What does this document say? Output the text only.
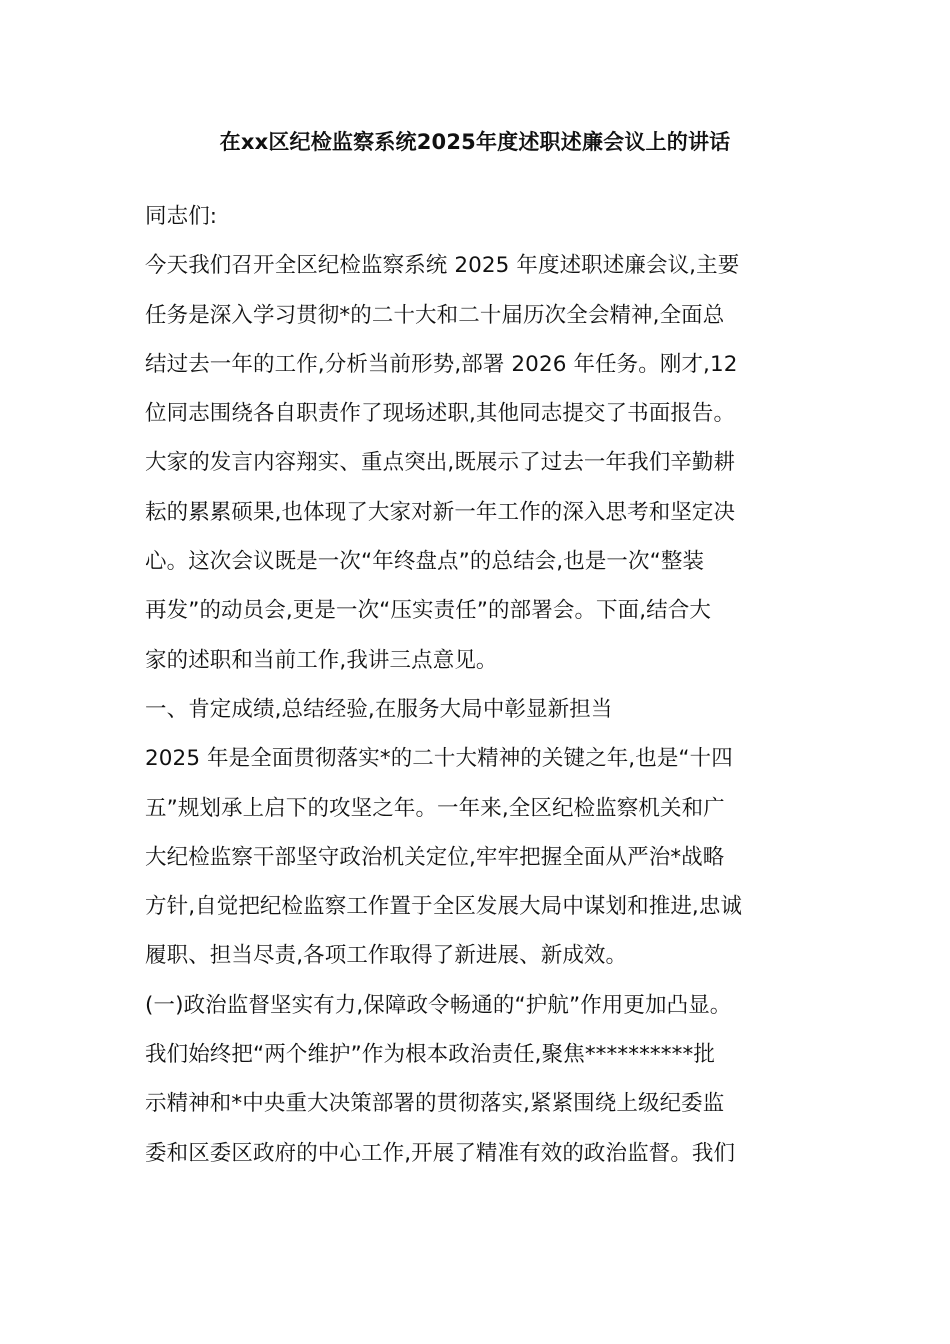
在xx区纪检监察系统2025年度述职述廉会议上的讲话
同志们:
今天我们召开全区纪检监察系统 2025 年度述职述廉会议,主要
任务是深入学习贯彻*的二十大和二十届历次全会精神,全面总
结过去一年的工作,分析当前形势,部署 2026 年任务。刚才,12
位同志围绕各自职责作了现场述职,其他同志提交了书面报告。
大家的发言内容翔实、重点突出,既展示了过去一年我们辛勤耕
耘的累累硕果,也体现了大家对新一年工作的深入思考和坚定决
心。这次会议既是一次“年终盘点”的总结会,也是一次“整装
再发”的动员会,更是一次“压实责任”的部署会。下面,结合大
家的述职和当前工作,我讲三点意见。
一、肯定成绩,总结经验,在服务大局中彰显新担当
2025 年是全面贯彻落实*的二十大精神的关键之年,也是“十四
五”规划承上启下的攻坚之年。一年来,全区纪检监察机关和广
大纪检监察干部坚守政治机关定位,牢牢把握全面从严治*战略
方针,自觉把纪检监察工作置于全区发展大局中谋划和推进,忠诚
履职、担当尽责,各项工作取得了新进展、新成效。
(一)政治监督坚实有力,保障政令畅通的“护航”作用更加凸显。
我们始终把“两个维护”作为根本政治责任,聚焦**********批
示精神和*中央重大决策部署的贯彻落实,紧紧围绕上级纪委监
委和区委区政府的中心工作,开展了精准有效的政治监督。我们
